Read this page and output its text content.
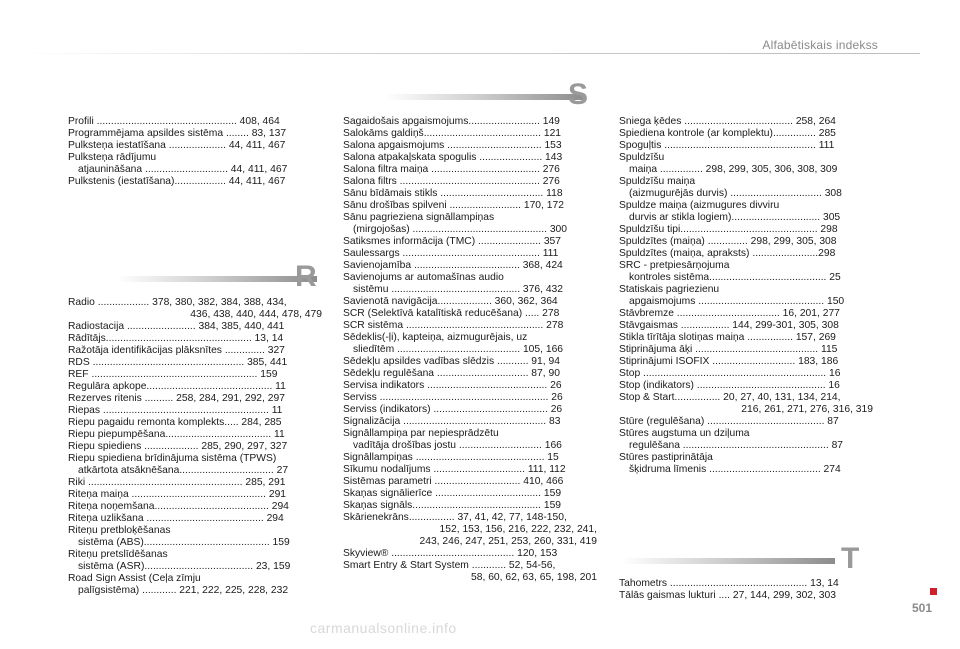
Alfabētiskais indekss
Profili ................................................. 408, 464
Programmējama apsildes sistēma ........ 83, 137
Pulksteņa iestatīšana .................... 44, 411, 467
Pulksteņa rādījumu
atjaunināšana ............................. 44, 411, 467
Pulkstenis (iestatīšana).................. 44, 411, 467
R
Radio .................. 378, 380, 382, 384, 388, 434,
436, 438, 440, 444, 478, 479
Radiostacija ........................ 384, 385, 440, 441
Rādītājs................................................... 13, 14
Ražotāja identifikācijas plāksnītes .............. 327
RDS ..................................................... 385, 441
REF .......................................................... 159
Regulāra apkope............................................ 11
Rezerves ritenis .......... 258, 284, 291, 292, 297
Riepas .......................................................... 11
Riepu pagaidu remonta komplekts..... 284, 285
Riepu piepumpēšana..................................... 11
Riepu spiediens ................... 285, 290, 297, 327
Riepu spiediena brīdinājuma sistēma (TPWS)
atkārtota atsāknēšana................................. 27
Riki ...................................................... 285, 291
Riteņa maiņa ............................................... 291
Riteņa noņemšana........................................ 294
Riteņa uzlikšana ......................................... 294
Riteņu pretbloķēšanas
sistēma (ABS)............................................ 159
Riteņu pretslīdēšanas
sistēma (ASR)...................................... 23, 159
Road Sign Assist (Ceļa zīmju
palīgsistēma) ............ 221, 222, 225, 228, 232
S
Sagaidošais apgaismojums......................... 149
Salokāms galdiņš......................................... 121
Salona apgaismojums ................................. 153
Salona atpakaļskata spogulis ...................... 143
Salona filtra maiņa ...................................... 276
Salona filtrs ................................................. 276
Sānu bīdāmais stikls .................................... 118
Sānu drošības spilveni ......................... 170, 172
Sānu pagrieziena signāllampiņas
(mirgojošas) ............................................... 300
Satiksmes informācija (TMC) ...................... 357
Saulessargs ................................................ 111
Savienojamība ..................................... 368, 424
Savienojums ar automašīnas audio
sistēmu ............................................. 376, 432
Savienotā navigācija................... 360, 362, 364
SCR (Selektīvā katalītiskā reducēšana) ..... 278
SCR sistēma ................................................ 278
Sēdeklis(-ļi), kapteiņa, aizmugurējais, uz
sliedītēm ........................................... 105, 166
Sēdekļu apsildes vadības slēdzis ........... 91, 94
Sēdekļu regulēšana ................................ 87, 90
Servisa indikators .......................................... 26
Serviss ........................................................... 26
Serviss (indikators) ........................................ 26
Signalizācija .................................................. 83
Signāllampiņa par nepiesprādzētu
vadītāja drošības jostu ............................. 166
Signāllampiņas ............................................. 15
Sīkumu nodalījums ................................ 111, 112
Sistēmas parametri .............................. 410, 466
Skaņas signālierīce ..................................... 159
Skaņas signāls............................................. 159
Skārienekrāns................ 37, 41, 42, 77, 148-150,
152, 153, 156, 216, 222, 232, 241,
243, 246, 247, 251, 253, 260, 331, 419
Skyview® ........................................... 120, 153
Smart Entry & Start System ............ 52, 54-56,
58, 60, 62, 63, 65, 198, 201
Sniega ķēdes ...................................... 258, 264
Spiediena kontrole (ar komplektu)............... 285
Spoguļtis ..................................................... 111
Spuldzīšu
maiņa ............... 298, 299, 305, 306, 308, 309
Spuldzīšu maiņa
(aizmugurējās durvis) ................................ 308
Spuldze maiņa (aizmugures divviru
durvis ar stikla logiem)............................... 305
Spuldzīšu tipi................................................ 298
Spuldzītes (maiņa) .............. 298, 299, 305, 308
Spuldzītes (maiņa, apraksts) .......................298
SRC - pretpiesārņojuma
kontroles sistēma......................................... 25
Statiskais pagriezienu
apgaismojums ............................................ 150
Stāvbremze .................................... 16, 201, 277
Stāvgaismas ................. 144, 299-301, 305, 308
Stikla tīrītāja slotiņas maiņa ................ 157, 269
Stiprinājuma āķi ........................................... 115
Stiprinājumi ISOFIX ............................. 183, 186
Stop ................................................................ 16
Stop (indikators) ............................................. 16
Stop & Start................ 20, 27, 40, 131, 134, 214,
216, 261, 271, 276, 316, 319
Stūre (regulēšana) ......................................... 87
Stūres augstuma un dziļuma
regulēšana ................................................... 87
Stūres pastiprinātāja
šķidruma līmenis ....................................... 274
T
Tahometrs ................................................ 13, 14
Tālās gaismas lukturi .... 27, 144, 299, 302, 303
501
carmanualsonline.info
